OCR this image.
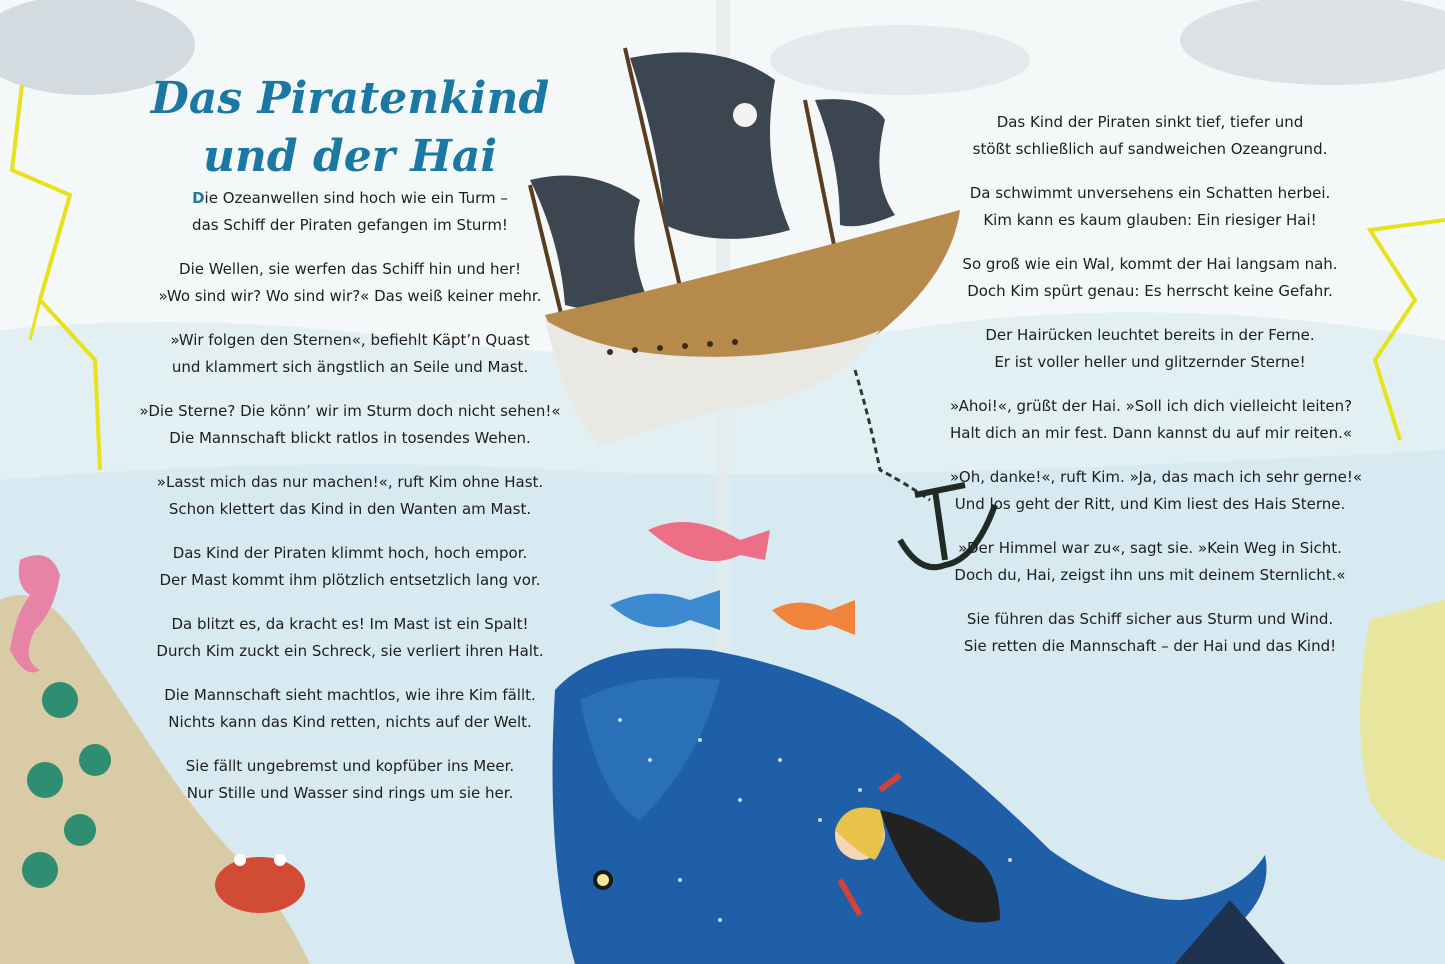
Das Piratenkind
und der Hai
Die Ozeanwellen sind hoch wie ein Turm –
das Schiff der Piraten gefangen im Sturm!
Die Wellen, sie werfen das Schiff hin und her!
»Wo sind wir? Wo sind wir?« Das weiß keiner mehr.
»Wir folgen den Sternen«, befiehlt Käpt’n Quast
und klammert sich ängstlich an Seile und Mast.
»Die Sterne? Die könn’ wir im Sturm doch nicht sehen!«
Die Mannschaft blickt ratlos in tosendes Wehen.
»Lasst mich das nur machen!«, ruft Kim ohne Hast.
Schon klettert das Kind in den Wanten am Mast.
Das Kind der Piraten klimmt hoch, hoch empor.
Der Mast kommt ihm plötzlich entsetzlich lang vor.
Da blitzt es, da kracht es! Im Mast ist ein Spalt!
Durch Kim zuckt ein Schreck, sie verliert ihren Halt.
Die Mannschaft sieht machtlos, wie ihre Kim fällt.
Nichts kann das Kind retten, nichts auf der Welt.
Sie fällt ungebremst und kopfüber ins Meer.
Nur Stille und Wasser sind rings um sie her.
Das Kind der Piraten sinkt tief, tiefer und
stößt schließlich auf sandweichen Ozeangrund.
Da schwimmt unversehens ein Schatten herbei.
Kim kann es kaum glauben: Ein riesiger Hai!
So groß wie ein Wal, kommt der Hai langsam nah.
Doch Kim spürt genau: Es herrscht keine Gefahr.
Der Hairücken leuchtet bereits in der Ferne.
Er ist voller heller und glitzernder Sterne!
»Ahoi!«, grüßt der Hai. »Soll ich dich vielleicht leiten?
Halt dich an mir fest. Dann kannst du auf mir reiten.«
»Oh, danke!«, ruft Kim. »Ja, das mach ich sehr gerne!«
Und los geht der Ritt, und Kim liest des Hais Sterne.
»Der Himmel war zu«, sagt sie. »Kein Weg in Sicht.
Doch du, Hai, zeigst ihn uns mit deinem Sternlicht.«
Sie führen das Schiff sicher aus Sturm und Wind.
Sie retten die Mannschaft – der Hai und das Kind!
